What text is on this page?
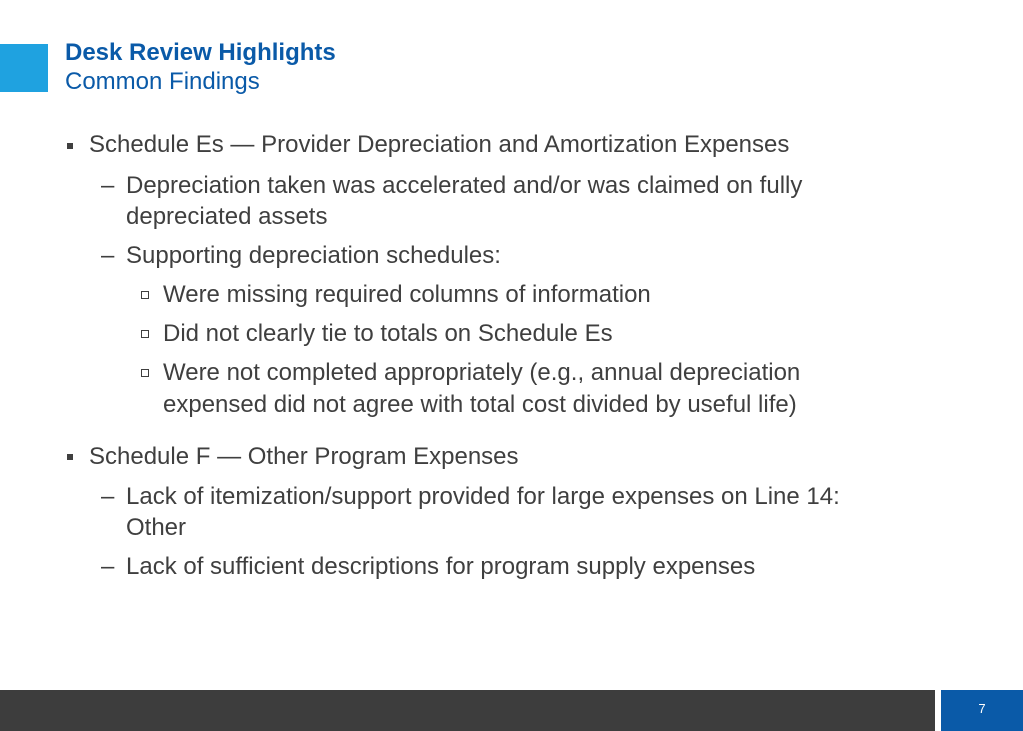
Desk Review Highlights
Common Findings
Schedule Es — Provider Depreciation and Amortization Expenses
– Depreciation taken was accelerated and/or was claimed on fully
depreciated assets
– Supporting depreciation schedules:
Were missing required columns of information
Did not clearly tie to totals on Schedule Es
Were not completed appropriately (e.g., annual depreciation
expensed did not agree with total cost divided by useful life)
Schedule F — Other Program Expenses
– Lack of itemization/support provided for large expenses on Line 14:
Other
– Lack of sufficient descriptions for program supply expenses
7
